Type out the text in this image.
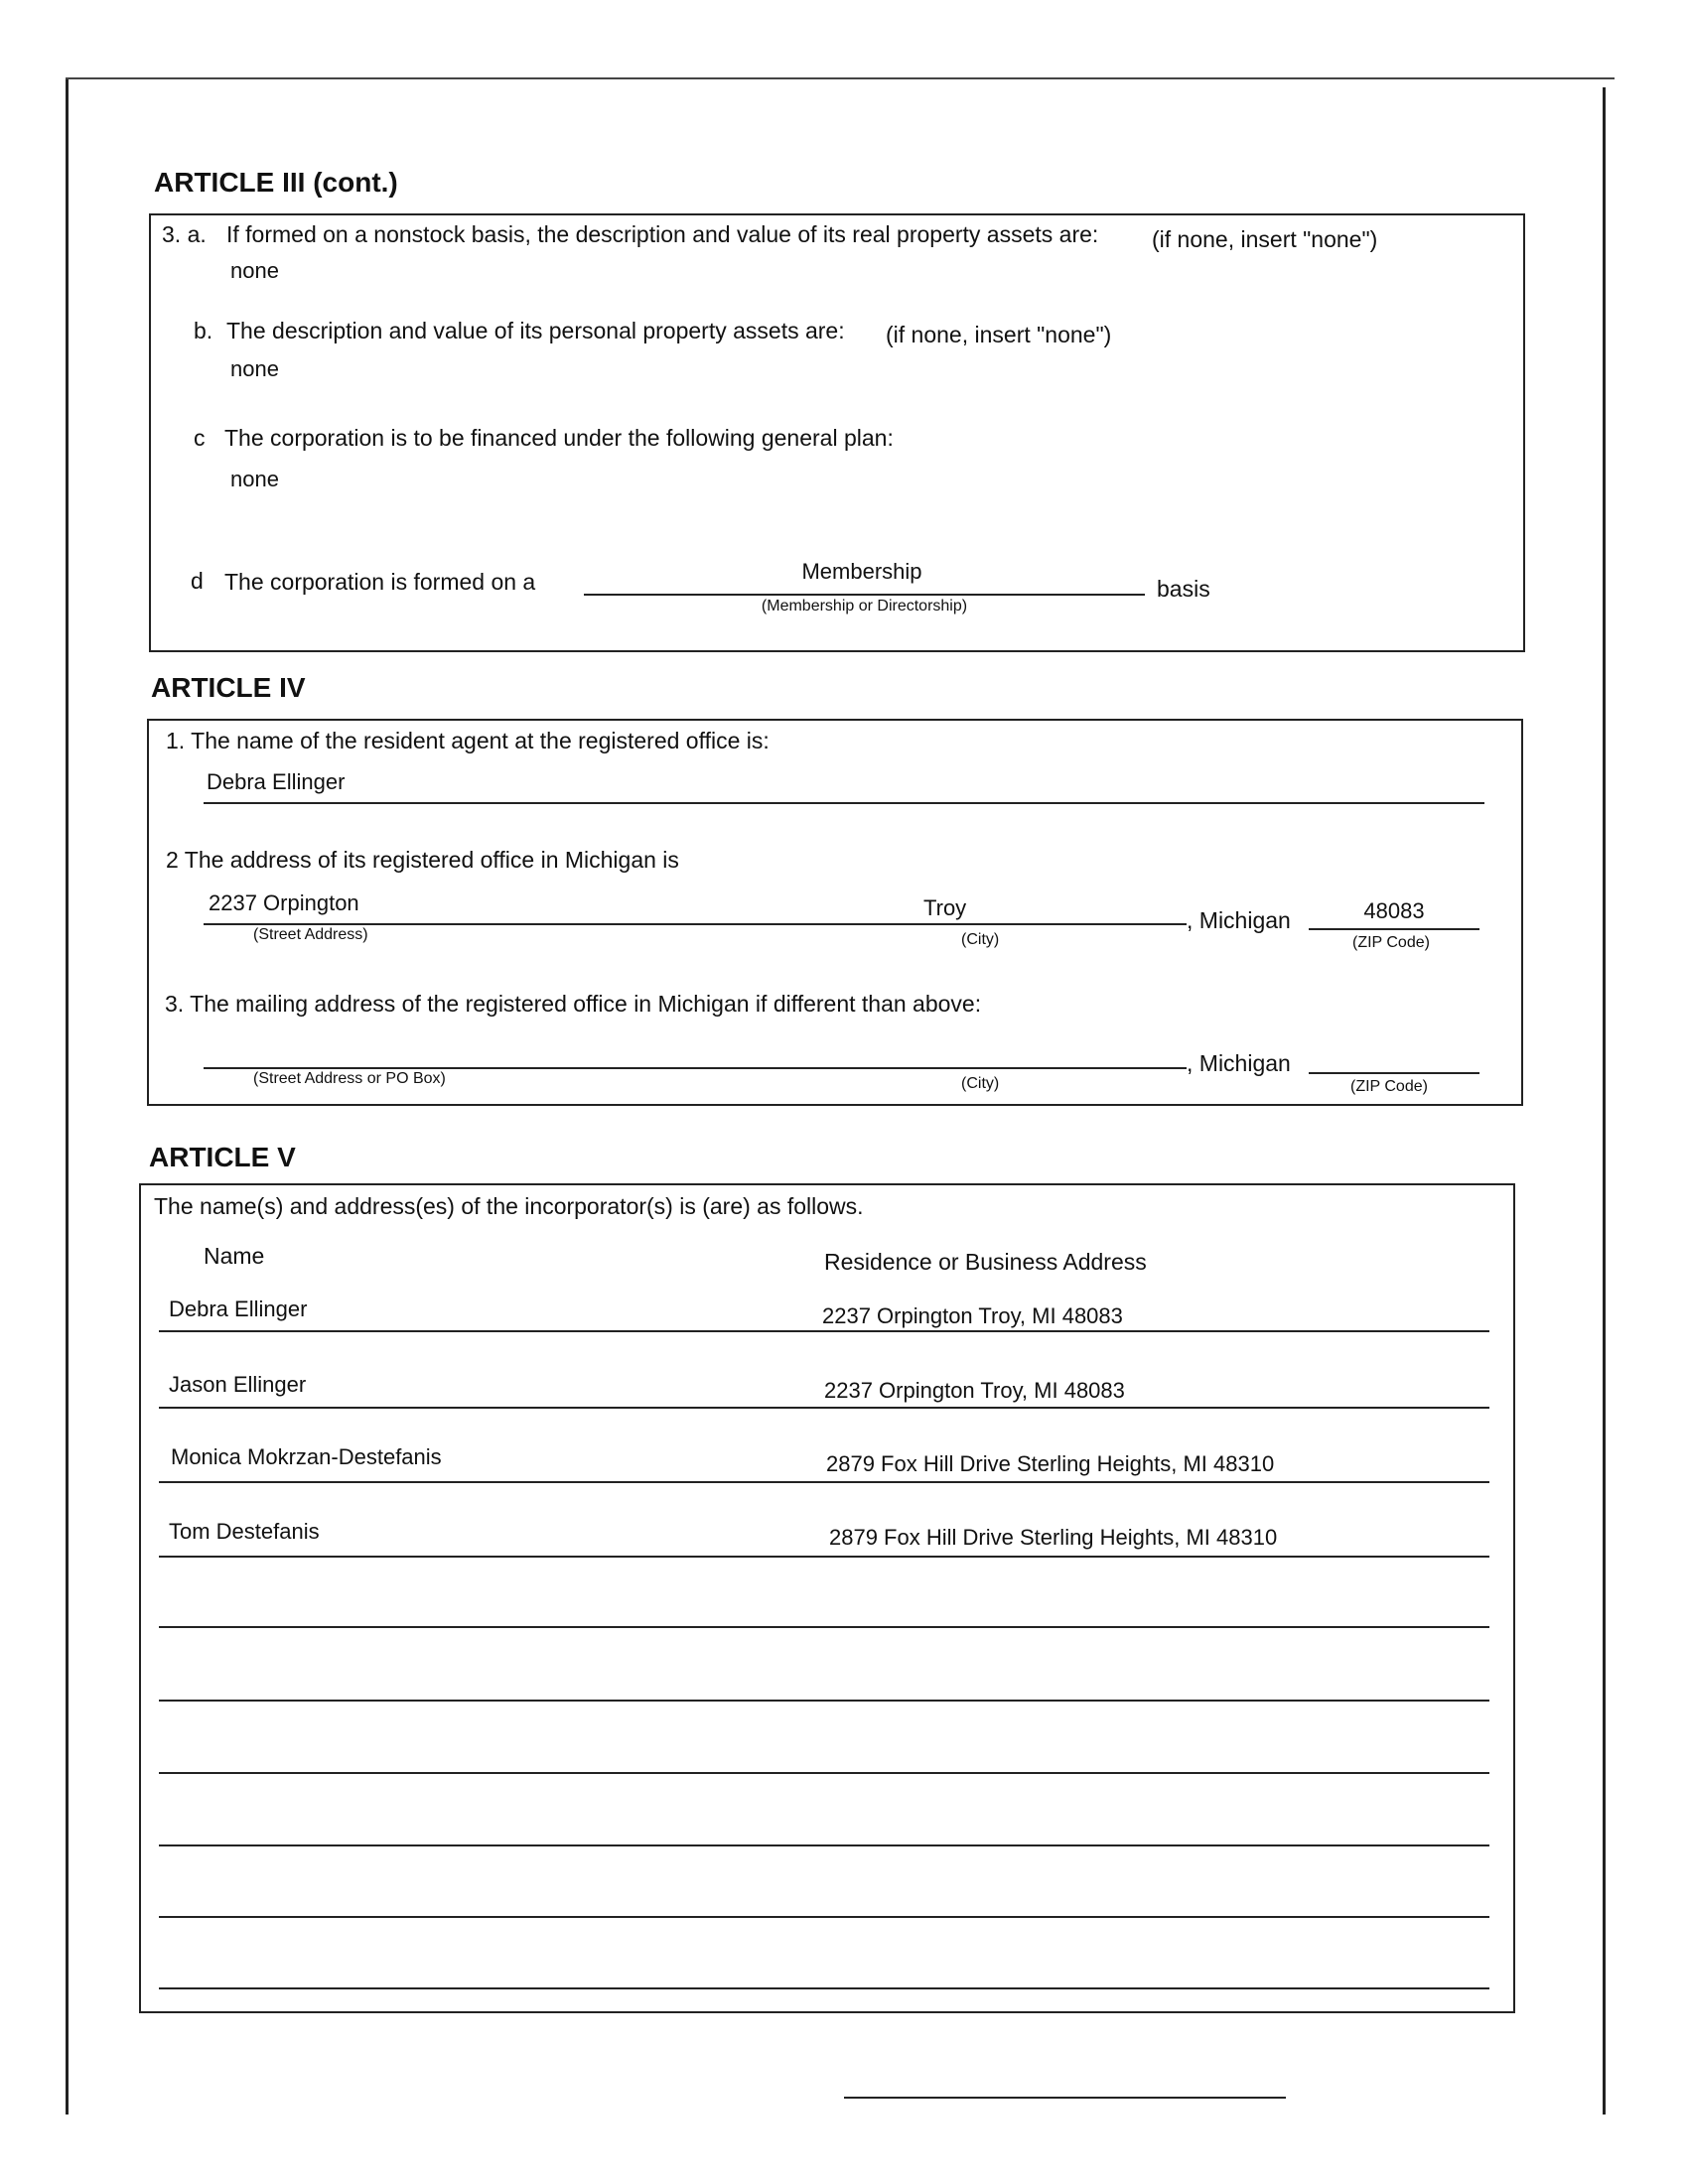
ARTICLE III (cont.)
3. a. If formed on a nonstock basis, the description and value of its real property assets are: (if none, insert "none")
none
b. The description and value of its personal property assets are: (if none, insert "none")
none
c The corporation is to be financed under the following general plan:
none
d The corporation is formed on a	Membership
(Membership or Directorship)
basis
ARTICLE IV
1. The name of the resident agent at the registered office is:
Debra Ellinger
2 The address of its registered office in Michigan is
2237 Orpington	Troy	, Michigan	48083
(Street Address)	(City)	(ZIP Code)
3. The mailing address of the registered office in Michigan if different than above:
, Michigan
(Street Address or PO Box)	(City)	(ZIP Code)
ARTICLE V
The name(s) and address(es) of the incorporator(s) is (are) as follows.
Name	Residence or Business Address
Debra Ellinger	2237 Orpington Troy, MI 48083
Jason Ellinger	2237 Orpington Troy, MI 48083
Monica Mokrzan-Destefanis	2879 Fox Hill Drive Sterling Heights, MI 48310
Tom Destefanis	2879 Fox Hill Drive Sterling Heights, MI 48310
